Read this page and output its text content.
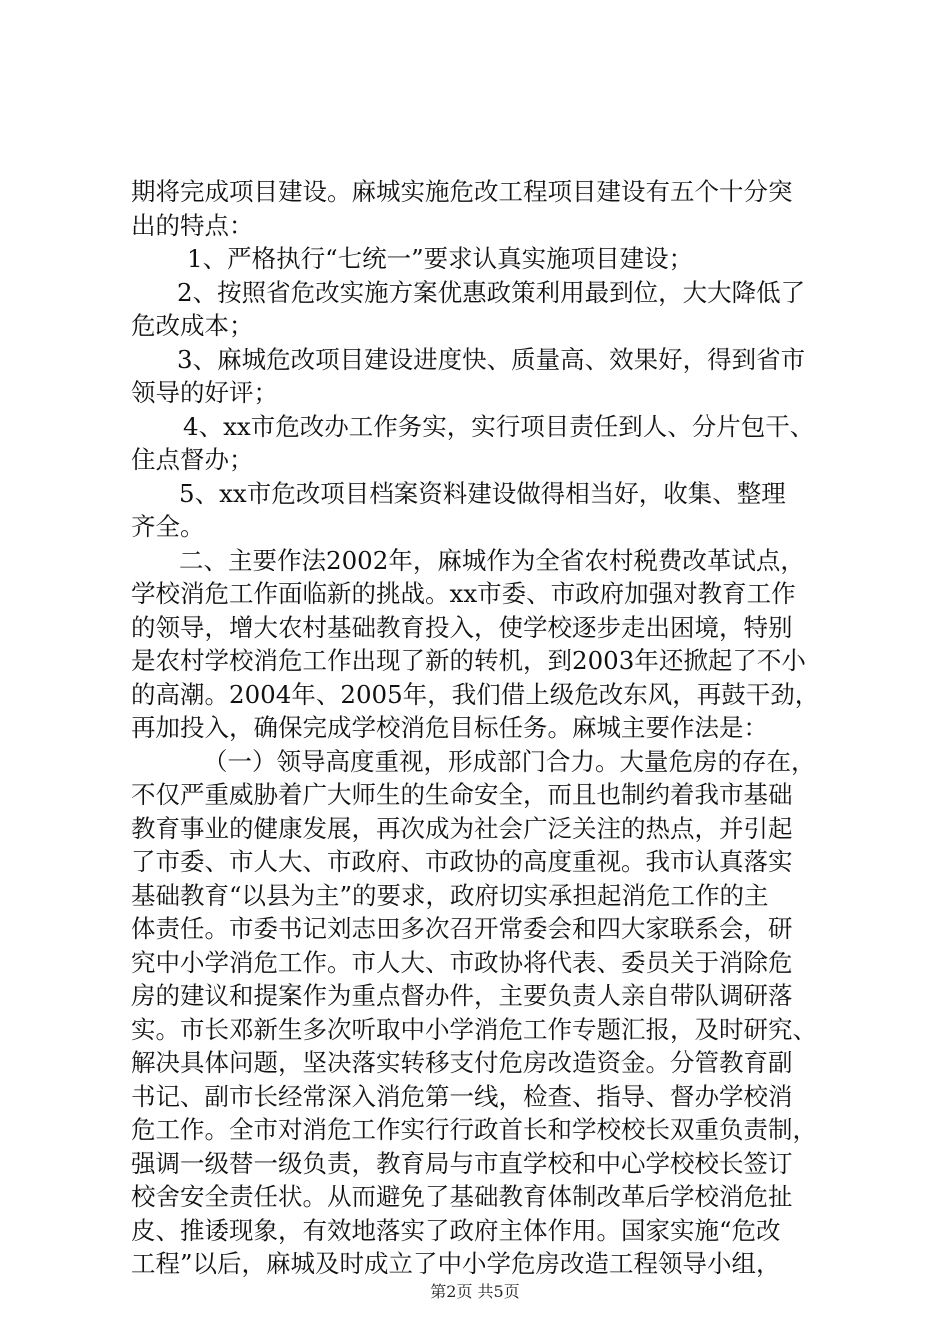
期将完成项目建设。麻城实施危改工程项目建设有五个十分突
出的特点：
1、严格执行“七统一”要求认真实施项目建设；
2、按照省危改实施方案优惠政策利用最到位，大大降低了
危改成本；
3、麻城危改项目建设进度快、质量高、效果好，得到省市
领导的好评；
4、xx市危改办工作务实，实行项目责任到人、分片包干、
住点督办；
5、xx市危改项目档案资料建设做得相当好，收集、整理
齐全。
二、主要作法2002年，麻城作为全省农村税费改革试点，
学校消危工作面临新的挑战。xx市委、市政府加强对教育工作
的领导，增大农村基础教育投入，使学校逐步走出困境，特别
是农村学校消危工作出现了新的转机，到2003年还掀起了不小
的高潮。2004年、2005年，我们借上级危改东风，再鼓干劲，
再加投入，确保完成学校消危目标任务。麻城主要作法是：
（一）领导高度重视，形成部门合力。大量危房的存在，
不仅严重威胁着广大师生的生命安全，而且也制约着我市基础
教育事业的健康发展，再次成为社会广泛关注的热点，并引起
了市委、市人大、市政府、市政协的高度重视。我市认真落实
基础教育“以县为主”的要求，政府切实承担起消危工作的主
体责任。市委书记刘志田多次召开常委会和四大家联系会，研
究中小学消危工作。市人大、市政协将代表、委员关于消除危
房的建议和提案作为重点督办件，主要负责人亲自带队调研落
实。市长邓新生多次听取中小学消危工作专题汇报，及时研究、
解决具体问题，坚决落实转移支付危房改造资金。分管教育副
书记、副市长经常深入消危第一线，检查、指导、督办学校消
危工作。全市对消危工作实行行政首长和学校校长双重负责制，
强调一级替一级负责，教育局与市直学校和中心学校校长签订
校舍安全责任状。从而避免了基础教育体制改革后学校消危扯
皮、推诿现象，有效地落实了政府主体作用。国家实施“危改
工程”以后，麻城及时成立了中小学危房改造工程领导小组，
第2页 共5页
